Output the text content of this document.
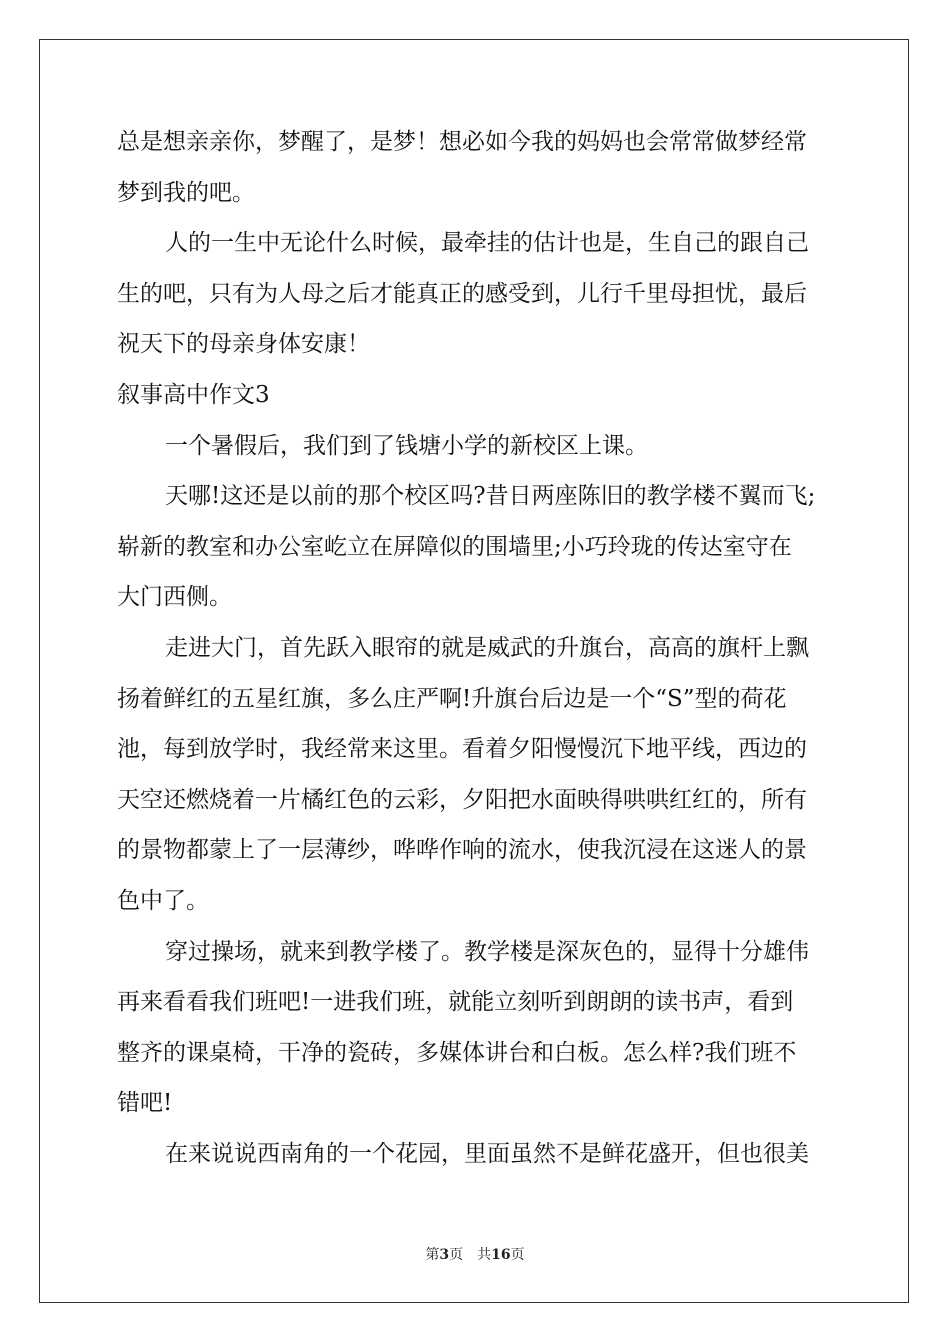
总是想亲亲你，梦醒了，是梦！想必如今我的妈妈也会常常做梦经常
梦到我的吧。
人的一生中无论什么时候，最牵挂的估计也是，生自己的跟自己
生的吧，只有为人母之后才能真正的感受到，儿行千里母担忧，最后
祝天下的母亲身体安康！
叙事高中作文3
一个暑假后，我们到了钱塘小学的新校区上课。
天哪!这还是以前的那个校区吗?昔日两座陈旧的教学楼不翼而飞;
崭新的教室和办公室屹立在屏障似的围墙里;小巧玲珑的传达室守在
大门西侧。
走进大门，首先跃入眼帘的就是威武的升旗台，高高的旗杆上飘
扬着鲜红的五星红旗，多么庄严啊!升旗台后边是一个“S”型的荷花
池，每到放学时，我经常来这里。看着夕阳慢慢沉下地平线，西边的
天空还燃烧着一片橘红色的云彩，夕阳把水面映得哄哄红红的，所有
的景物都蒙上了一层薄纱，哗哗作响的流水，使我沉浸在这迷人的景
色中了。
穿过操场，就来到教学楼了。教学楼是深灰色的，显得十分雄伟
再来看看我们班吧!一进我们班，就能立刻听到朗朗的读书声，看到
整齐的课桌椅，干净的瓷砖，多媒体讲台和白板。怎么样?我们班不
错吧!
在来说说西南角的一个花园，里面虽然不是鲜花盛开，但也很美
第3页 共16页
